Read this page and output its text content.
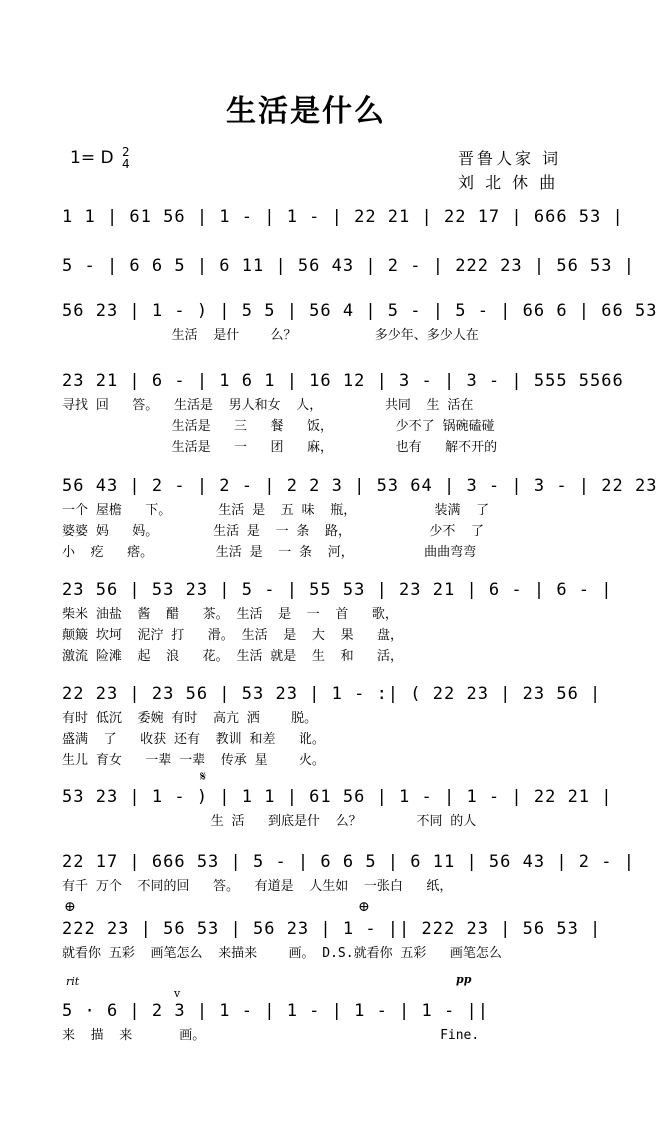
生活是什么
1= D 2
4	晋鲁人家 词
刘 北 休 曲
1 1 | 61 56 | 1 - | 1 - | 22 21 | 22 17 | 666 53 |
5 - | 6 6 5 | 6 11 | 56 43 | 2 - | 222 23 | 56 53 |
56 23 | 1 - ) | 5 5 | 56 4 | 5 - | 5 - | 66 6 | 66 53
生活  是什    么？          多少年、多少人在
23 21 | 6 - | 1 6 1 | 16 12 | 3 - | 3 - | 555 5566
寻找 回   答。  生活是  男人和女  人，        共同  生 活在
生活是   三   餐   饭，        少不了 锅碗磕碰
生活是   一   团   麻，        也有   解不开的
56 43 | 2 - | 2 - | 2 2 3 | 53 64 | 3 - | 3 - | 22 23
一个 屋檐   下。      生活 是  五 味  瓶，          装满  了
婆婆 妈   妈。       生活 是  一 条  路，          少不  了
小  疙   瘩。        生活 是  一 条  河，         曲曲弯弯
23 56 | 53 23 | 5 - | 55 53 | 23 21 | 6 - | 6 - |
柴米 油盐  酱  醋   茶。 生活  是  一  首   歌，
颠簸 坎坷  泥泞 打   滑。 生活  是  大  果   盘，
激流 险滩  起  浪   花。 生活 就是  生  和   活，
22 23 | 23 56 | 53 23 | 1 - :| ( 22 23 | 23 56 |
有时 低沉  委婉 有时  高亢 洒    脱。
盛满  了   收获 还有  教训 和差   讹。
生儿 育女   一辈 一辈  传承 星    火。
𝄋
53 23 | 1 - ) | 1 1 | 61 56 | 1 - | 1 - | 22 21 |
生 活   到底是什  么？       不同 的人
22 17 | 666 53 | 5 - | 6 6 5 | 6 11 | 56 43 | 2 - |
有千 万个  不同的回   答。  有道是  人生如  一张白   纸，
⊕	⊕
222 23 | 56 53 | 56 23 | 1 - || 222 23 | 56 53 |
就看你 五彩  画笔怎么  来描来    画。 D.S.就看你 五彩   画笔怎么
rit
v
pp
5 · 6 | 2 3 | 1 - | 1 - | 1 - | 1 - ||
来  描  来      画。                              Fine.
